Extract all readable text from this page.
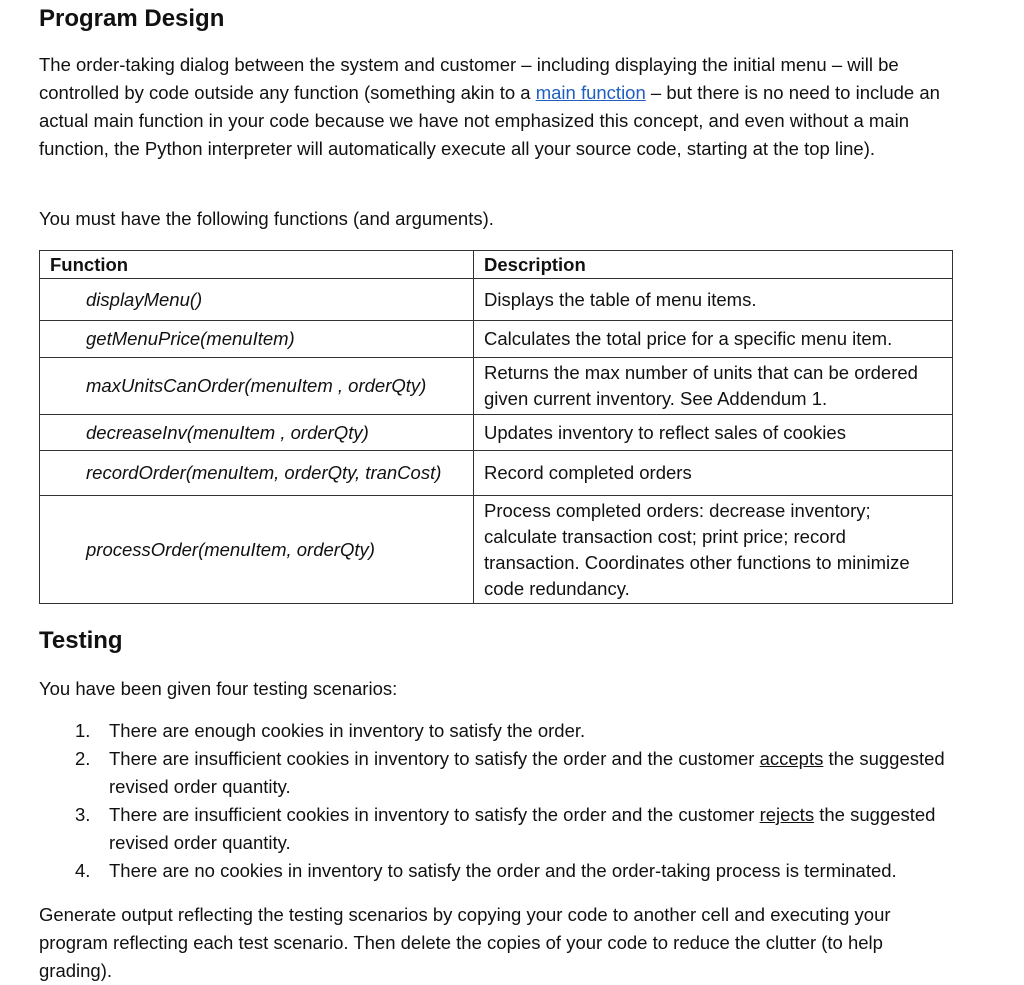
Program Design

The order-taking dialog between the system and customer – including displaying the initial menu – will be controlled by code outside any function (something akin to a main function – but there is no need to include an actual main function in your code because we have not emphasized this concept, and even without a main function, the Python interpreter will automatically execute all your source code, starting at the top line).

You must have the following functions (and arguments).

Function	Description
displayMenu()	Displays the table of menu items.
getMenuPrice(menuItem)	Calculates the total price for a specific menu item.
maxUnitsCanOrder(menuItem , orderQty)	Returns the max number of units that can be ordered given current inventory. See Addendum 1.
decreaseInv(menuItem , orderQty)	Updates inventory to reflect sales of cookies
recordOrder(menuItem, orderQty, tranCost)	Record completed orders
processOrder(menuItem, orderQty)	Process completed orders: decrease inventory; calculate transaction cost; print price; record transaction. Coordinates other functions to minimize code redundancy.
Testing

You have been given four testing scenarios:

1. There are enough cookies in inventory to satisfy the order.
2. There are insufficient cookies in inventory to satisfy the order and the customer accepts the suggested revised order quantity.
3. There are insufficient cookies in inventory to satisfy the order and the customer rejects the suggested revised order quantity.
4. There are no cookies in inventory to satisfy the order and the order-taking process is terminated.

Generate output reflecting the testing scenarios by copying your code to another cell and executing your program reflecting each test scenario. Then delete the copies of your code to reduce the clutter (to help grading).
